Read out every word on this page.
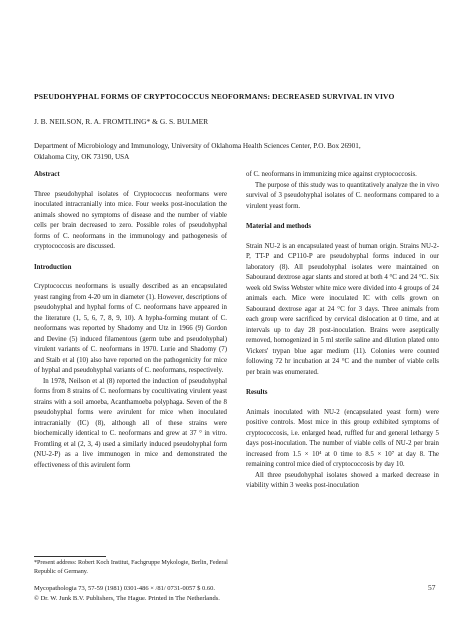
PSEUDOHYPHAL FORMS OF CRYPTOCOCCUS NEOFORMANS: DECREASED SURVIVAL IN VIVO
J. B. NEILSON, R. A. FROMTLING* & G. S. BULMER
Department of Microbiology and Immunology, University of Oklahoma Health Sciences Center, P.O. Box 26901,
Oklahoma City, OK 73190, USA
Abstract

Three pseudohyphal isolates of Cryptococcus neoformans were inoculated intracranially into mice. Four weeks post-inoculation the animals showed no symptoms of disease and the number of viable cells per brain decreased to zero. Possible roles of pseudohyphal forms of C. neoformans in the immunology and pathogenesis of cryptococcosis are discussed.

Introduction

Cryptococcus neoformans is usually described as an encapsulated yeast ranging from 4-20 um in diameter (1). However, descriptions of pseudohyphal and hyphal forms of C. neoformans have appeared in the literature (1, 5, 6, 7, 8, 9, 10). A hypha-forming mutant of C. neoformans was reported by Shadomy and Utz in 1966 (9) Gordon and Devine (5) induced filamentous (germ tube and pseudohyphal) virulent variants of C. neoformans in 1970. Lurie and Shadomy (7) and Staib et al (10) also have reported on the pathogenicity for mice of hyphal and pseudohyphal variants of C. neoformans, respectively.

In 1978, Neilson et al (8) reported the induction of pseudohyphal forms from 8 strains of C. neoformans by cocultivating virulent yeast strains with a soil amoeba, Acanthamoeba polyphaga. Seven of the 8 pseudohyphal forms were avirulent for mice when inoculated intracranially (IC) (8), although all of these strains were biochemically identical to C. neoformans and grew at 37 ° in vitro. Fromtling et al (2, 3, 4) used a similarly induced pseudohyphal form (NU-2-P) as a live immunogen in mice and demonstrated the effectiveness of this avirulent form

of C. neoformans in immunizing mice against cryptococcosis.

The purpose of this study was to quantitatively analyze the in vivo survival of 3 pseudohyphal isolates of C. neoformans compared to a virulent yeast form.

Material and methods

Strain NU-2 is an encapsulated yeast of human origin. Strains NU-2-P, TT-P and CP110-P are pseudohyphal forms induced in our laboratory (8). All pseudohyphal isolates were maintained on Sabouraud dextrose agar slants and stored at both 4 °C and 24 °C. Six week old Swiss Webster white mice were divided into 4 groups of 24 animals each. Mice were inoculated IC with cells grown on Sabouraud dextrose agar at 24 °C for 3 days. Three animals from each group were sacrificed by cervical dislocation at 0 time, and at intervals up to day 28 post-inoculation. Brains were aseptically removed, homogenized in 5 ml sterile saline and dilution plated onto Vickers' trypan blue agar medium (11). Colonies were counted following 72 hr incubation at 24 °C and the number of viable cells per brain was enumerated.

Results

Animals inoculated with NU-2 (encapsulated yeast form) were positive controls. Most mice in this group exhibited symptoms of cryptococcosis, i.e. enlarged head, ruffled fur and general lethargy 5 days post-inoculation. The number of viable cells of NU-2 per brain increased from 1.5 × 10⁴ at 0 time to 8.5 × 10⁷ at day 8. The remaining control mice died of cryptococcosis by day 10.

All three pseudohyphal isolates showed a marked decrease in viability within 3 weeks post-inoculation

*Present address: Robert Koch Institut, Fachgruppe Mykologie, Berlin, Federal Republic of Germany.
Mycopathologia 73, 57-59 (1981) 0301-486 × /81/ 0731-0057 $ 0.60.
© Dr. W. Junk B.V. Publishers, The Hague. Printed in The Netherlands.
57
